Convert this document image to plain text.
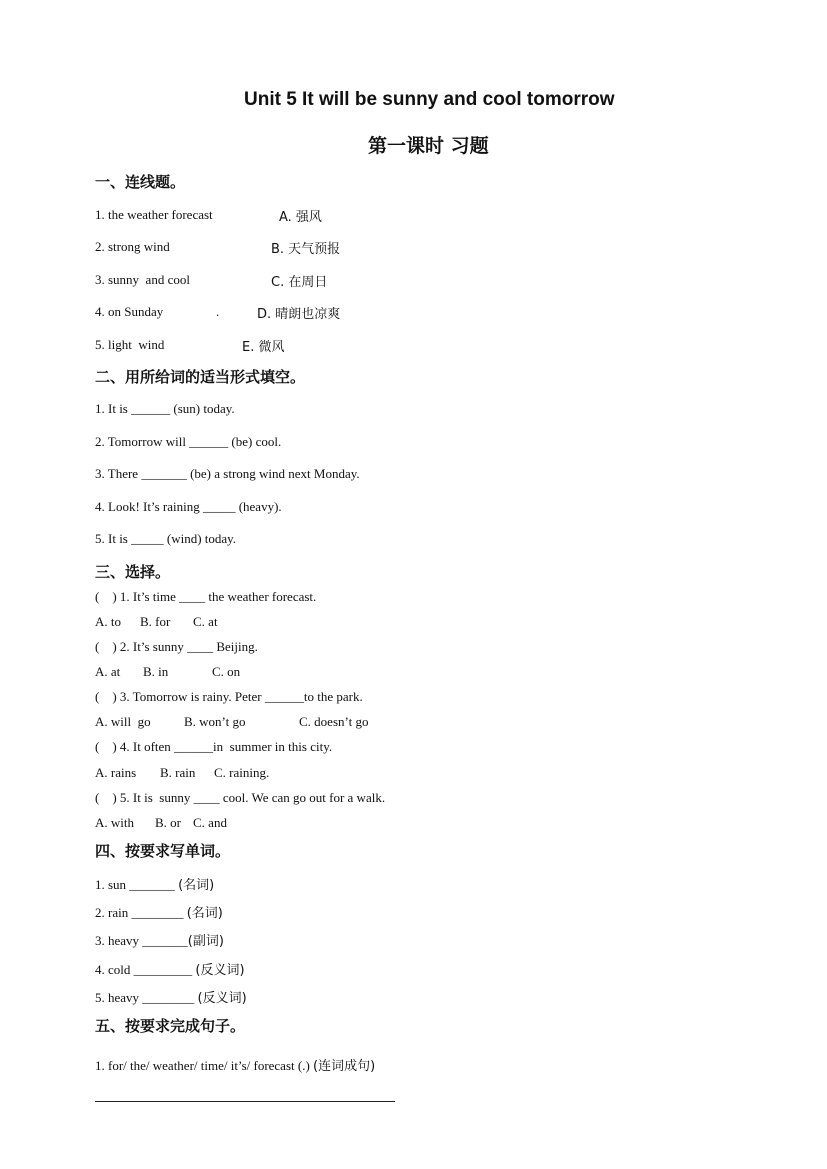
Unit 5 It will be sunny and cool tomorrow
第一课时 习题
一、连线题。
1. the weather forecast	A. 强风
2. strong wind	B. 天气预报
3. sunny  and cool	C. 在周日
4. on Sunday	.	D. 晴朗也凉爽
5. light  wind	E. 微风
二、用所给词的适当形式填空。
1. It is ______ (sun) today.
2. Tomorrow will ______ (be) cool.
3. There _______ (be) a strong wind next Monday.
4. Look! It’s raining _____ (heavy).
5. It is _____ (wind) today.
三、选择。
(    ) 1. It’s time ____ the weather forecast.
A. to B. for C. at
(    ) 2. It’s sunny ____ Beijing.
A. at B. in	C. on
(    ) 3. Tomorrow is rainy. Peter ______to the park.
A. will  go	B. won’t go	C. doesn’t go
(    ) 4. It often ______in  summer in this city.
A. rains B. rain C. raining.
(    ) 5. It is  sunny ____ cool. We can go out for a walk.
A. with B. or C. and
四、按要求写单词。
1. sun _______ (名词)
2. rain ________ (名词)
3. heavy _______(副词)
4. cold _________ (反义词)
5. heavy ________ (反义词)
五、按要求完成句子。
1. for/ the/ weather/ time/ it’s/ forecast (.) (连词成句)
